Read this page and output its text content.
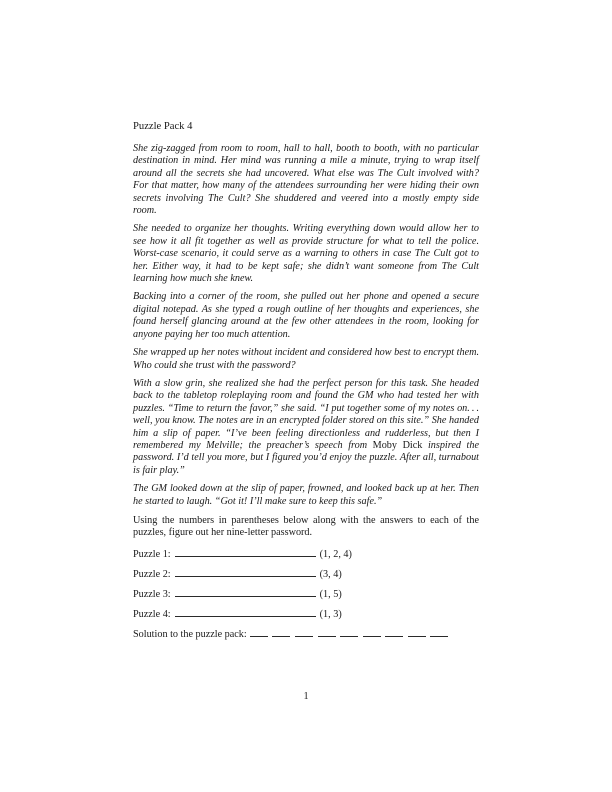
Puzzle Pack 4

She zig-zagged from room to room, hall to hall, booth to booth, with no particular destination in mind. Her mind was running a mile a minute, trying to wrap itself around all the secrets she had uncovered. What else was The Cult involved with? For that matter, how many of the attendees surrounding her were hiding their own secrets involving The Cult? She shuddered and veered into a mostly empty side room.

She needed to organize her thoughts. Writing everything down would allow her to see how it all fit together as well as provide structure for what to tell the police. Worst-case scenario, it could serve as a warning to others in case The Cult got to her. Either way, it had to be kept safe; she didn’t want someone from The Cult learning how much she knew.

Backing into a corner of the room, she pulled out her phone and opened a secure digital notepad. As she typed a rough outline of her thoughts and experiences, she found herself glancing around at the few other attendees in the room, looking for anyone paying her too much attention.

She wrapped up her notes without incident and considered how best to encrypt them. Who could she trust with the password?

With a slow grin, she realized she had the perfect person for this task. She headed back to the tabletop roleplaying room and found the GM who had tested her with puzzles. “Time to return the favor,” she said. “I put together some of my notes on. . . well, you know. The notes are in an encrypted folder stored on this site.” She handed him a slip of paper. “I’ve been feeling directionless and rudderless, but then I remembered my Melville; the preacher’s speech from Moby Dick inspired the password. I’d tell you more, but I figured you’d enjoy the puzzle. After all, turnabout is fair play.”

The GM looked down at the slip of paper, frowned, and looked back up at her. Then he started to laugh. “Got it! I’ll make sure to keep this safe.”

Using the numbers in parentheses below along with the answers to each of the puzzles, figure out her nine-letter password.

Puzzle 1:	(1, 2, 4)
Puzzle 2:	(3, 4)
Puzzle 3:	(1, 5)
Puzzle 4:	(1, 3)
Solution to the puzzle pack:
1
